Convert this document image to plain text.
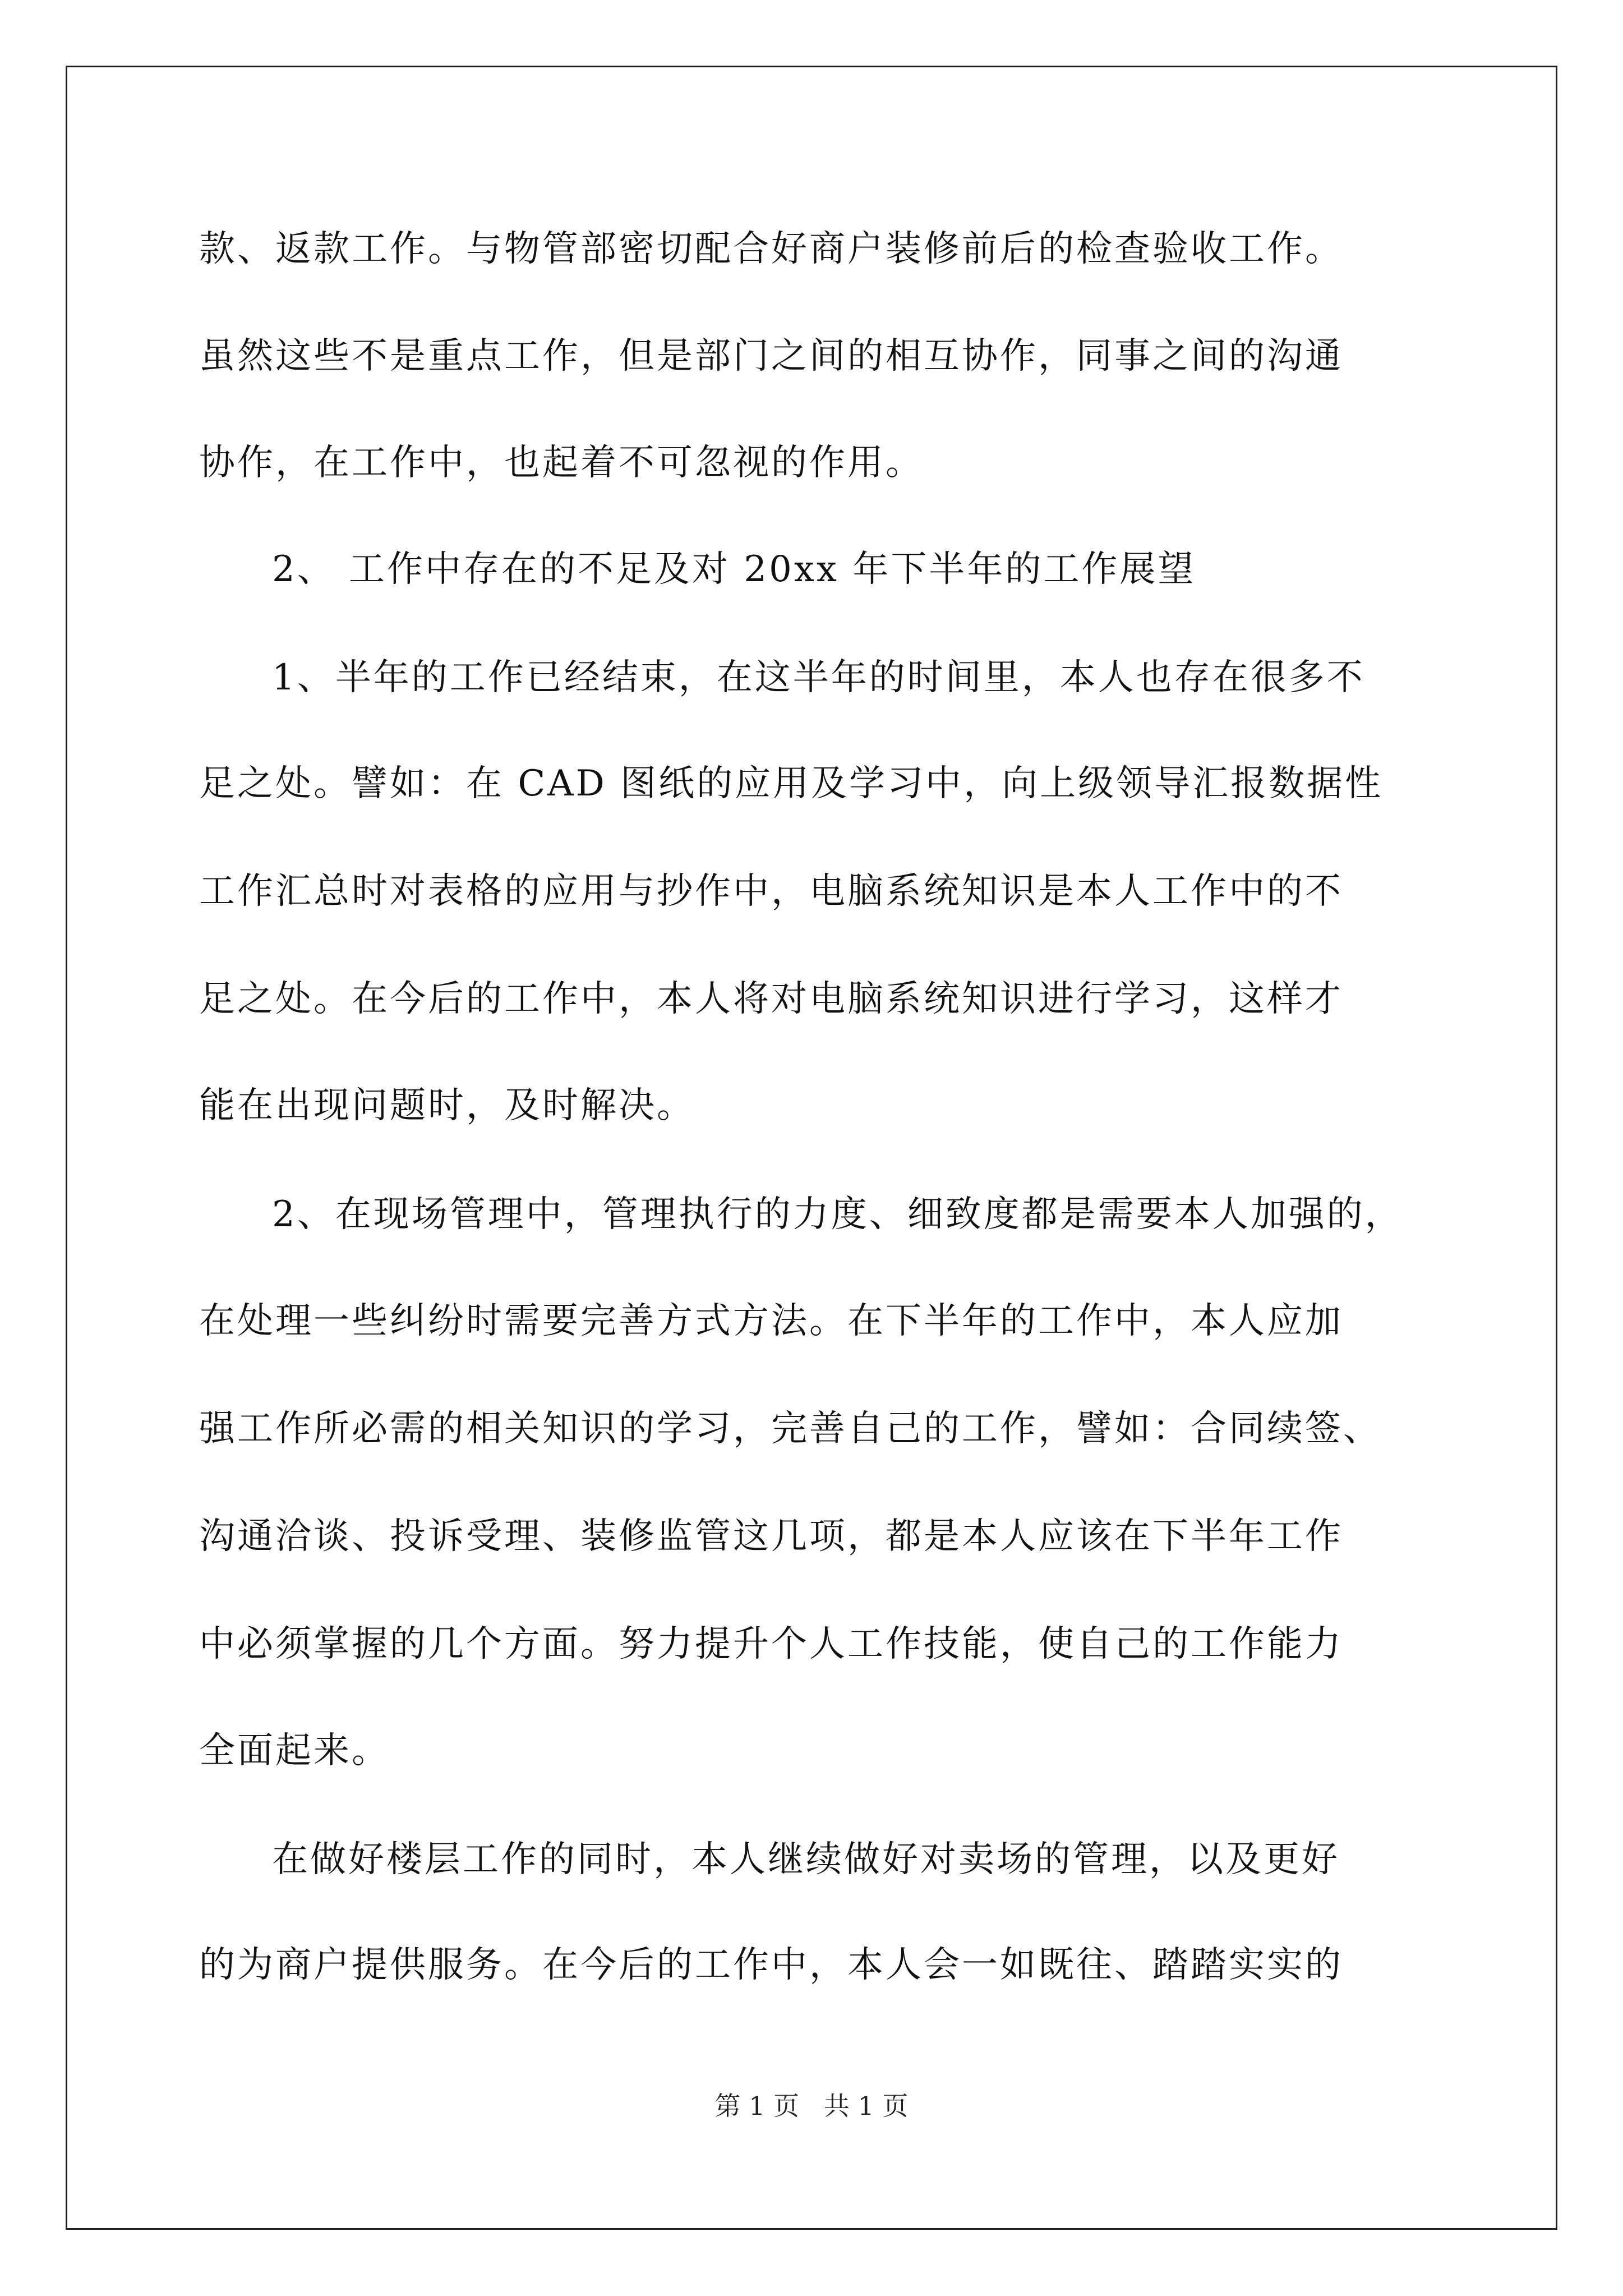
款、返款工作。与物管部密切配合好商户装修前后的检查验收工作。
虽然这些不是重点工作，但是部门之间的相互协作，同事之间的沟通
协作，在工作中，也起着不可忽视的作用。
2、 工作中存在的不足及对 20xx 年下半年的工作展望
1、半年的工作已经结束，在这半年的时间里，本人也存在很多不
足之处。譬如：在 CAD 图纸的应用及学习中，向上级领导汇报数据性
工作汇总时对表格的应用与抄作中，电脑系统知识是本人工作中的不
足之处。在今后的工作中，本人将对电脑系统知识进行学习，这样才
能在出现问题时，及时解决。
2、在现场管理中，管理执行的力度、细致度都是需要本人加强的，
在处理一些纠纷时需要完善方式方法。在下半年的工作中，本人应加
强工作所必需的相关知识的学习，完善自己的工作，譬如：合同续签、
沟通洽谈、投诉受理、装修监管这几项，都是本人应该在下半年工作
中必须掌握的几个方面。努力提升个人工作技能，使自己的工作能力
全面起来。
在做好楼层工作的同时，本人继续做好对卖场的管理，以及更好
的为商户提供服务。在今后的工作中，本人会一如既往、踏踏实实的
第 1 页   共 1 页
